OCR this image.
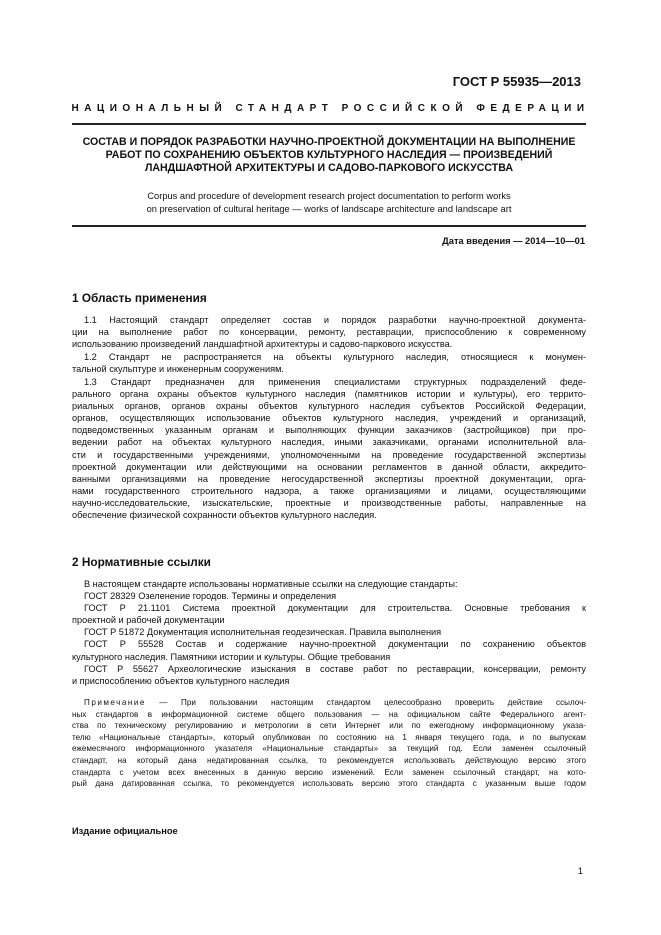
ГОСТ Р 55935—2013
НАЦИОНАЛЬНЫЙ СТАНДАРТ РОССИЙСКОЙ ФЕДЕРАЦИИ
СОСТАВ И ПОРЯДОК РАЗРАБОТКИ НАУЧНО-ПРОЕКТНОЙ ДОКУМЕНТАЦИИ НА ВЫПОЛНЕНИЕ
РАБОТ ПО СОХРАНЕНИЮ ОБЪЕКТОВ КУЛЬТУРНОГО НАСЛЕДИЯ — ПРОИЗВЕДЕНИЙ
ЛАНДШАФТНОЙ АРХИТЕКТУРЫ И САДОВО-ПАРКОВОГО ИСКУССТВА
Corpus and procedure of development research project documentation to perform works
on preservation of cultural heritage — works of landscape architecture and landscape art
Дата введения — 2014—10—01
1 Область применения
1.1 Настоящий стандарт определяет состав и порядок разработки научно-проектной документа-
ции на выполнение работ по консервации, ремонту, реставрации, приспособлению к современному
использованию произведений ландшафтной архитектуры и садово-паркового искусства.
1.2 Стандарт не распространяется на объекты культурного наследия, относящиеся к монумен-
тальной скульптуре и инженерным сооружениям.
1.3 Стандарт предназначен для применения специалистами структурных подразделений феде-
рального органа охраны объектов культурного наследия (памятников истории и культуры), его террито-
риальных органов, органов охраны объектов культурного наследия субъектов Российской Федерации,
органов, осуществляющих использование объектов культурного наследия, учреждений и организаций,
подведомственных указанным органам и выполняющих функции заказчиков (застройщиков) при про-
ведении работ на объектах культурного наследия, иными заказчиками, органами исполнительной вла-
сти и государственными учреждениями, уполномоченными на проведение государственной экспертизы
проектной документации или действующими на основании регламентов в данной области, аккредито-
ванными организациями на проведение негосударственной экспертизы проектной документации, орга-
нами государственного строительного надзора, а также организациями и лицами, осуществляющими
научно-исследовательские, изыскательские, проектные и производственные работы, направленные на
обеспечение физической сохранности объектов культурного наследия.
2 Нормативные ссылки
В настоящем стандарте использованы нормативные ссылки на следующие стандарты:
ГОСТ 28329 Озеленение городов. Термины и определения
ГОСТ Р 21.1101 Система проектной документации для строительства. Основные требования к
проектной и рабочей документации
ГОСТ Р 51872 Документация исполнительная геодезическая. Правила выполнения
ГОСТ Р 55528 Состав и содержание научно-проектной документации по сохранению объектов
культурного наследия. Памятники истории и культуры. Общие требования
ГОСТ Р 55627 Археологические изыскания в составе работ по реставрации, консервации, ремонту
и приспособлению объектов культурного наследия
Примечание — При пользовании настоящим стандартом целесообразно проверить действие ссылоч-
ных стандартов в информационной системе общего пользования — на официальном сайте Федерального агент-
ства по техническому регулированию и метрологии в сети Интернет или по ежегодному информационному указа-
телю «Национальные стандарты», который опубликован по состоянию на 1 января текущего года, и по выпускам
ежемесячного информационного указателя «Национальные стандарты» за текущий год. Если заменен ссылочный
стандарт, на который дана недатированная ссылка, то рекомендуется использовать действующую версию этого
стандарта с учетом всех внесенных в данную версию изменений. Если заменен ссылочный стандарт, на кото-
рый дана датированная ссылка, то рекомендуется использовать версию этого стандарта с указанным выше годом
Издание официальное
1
